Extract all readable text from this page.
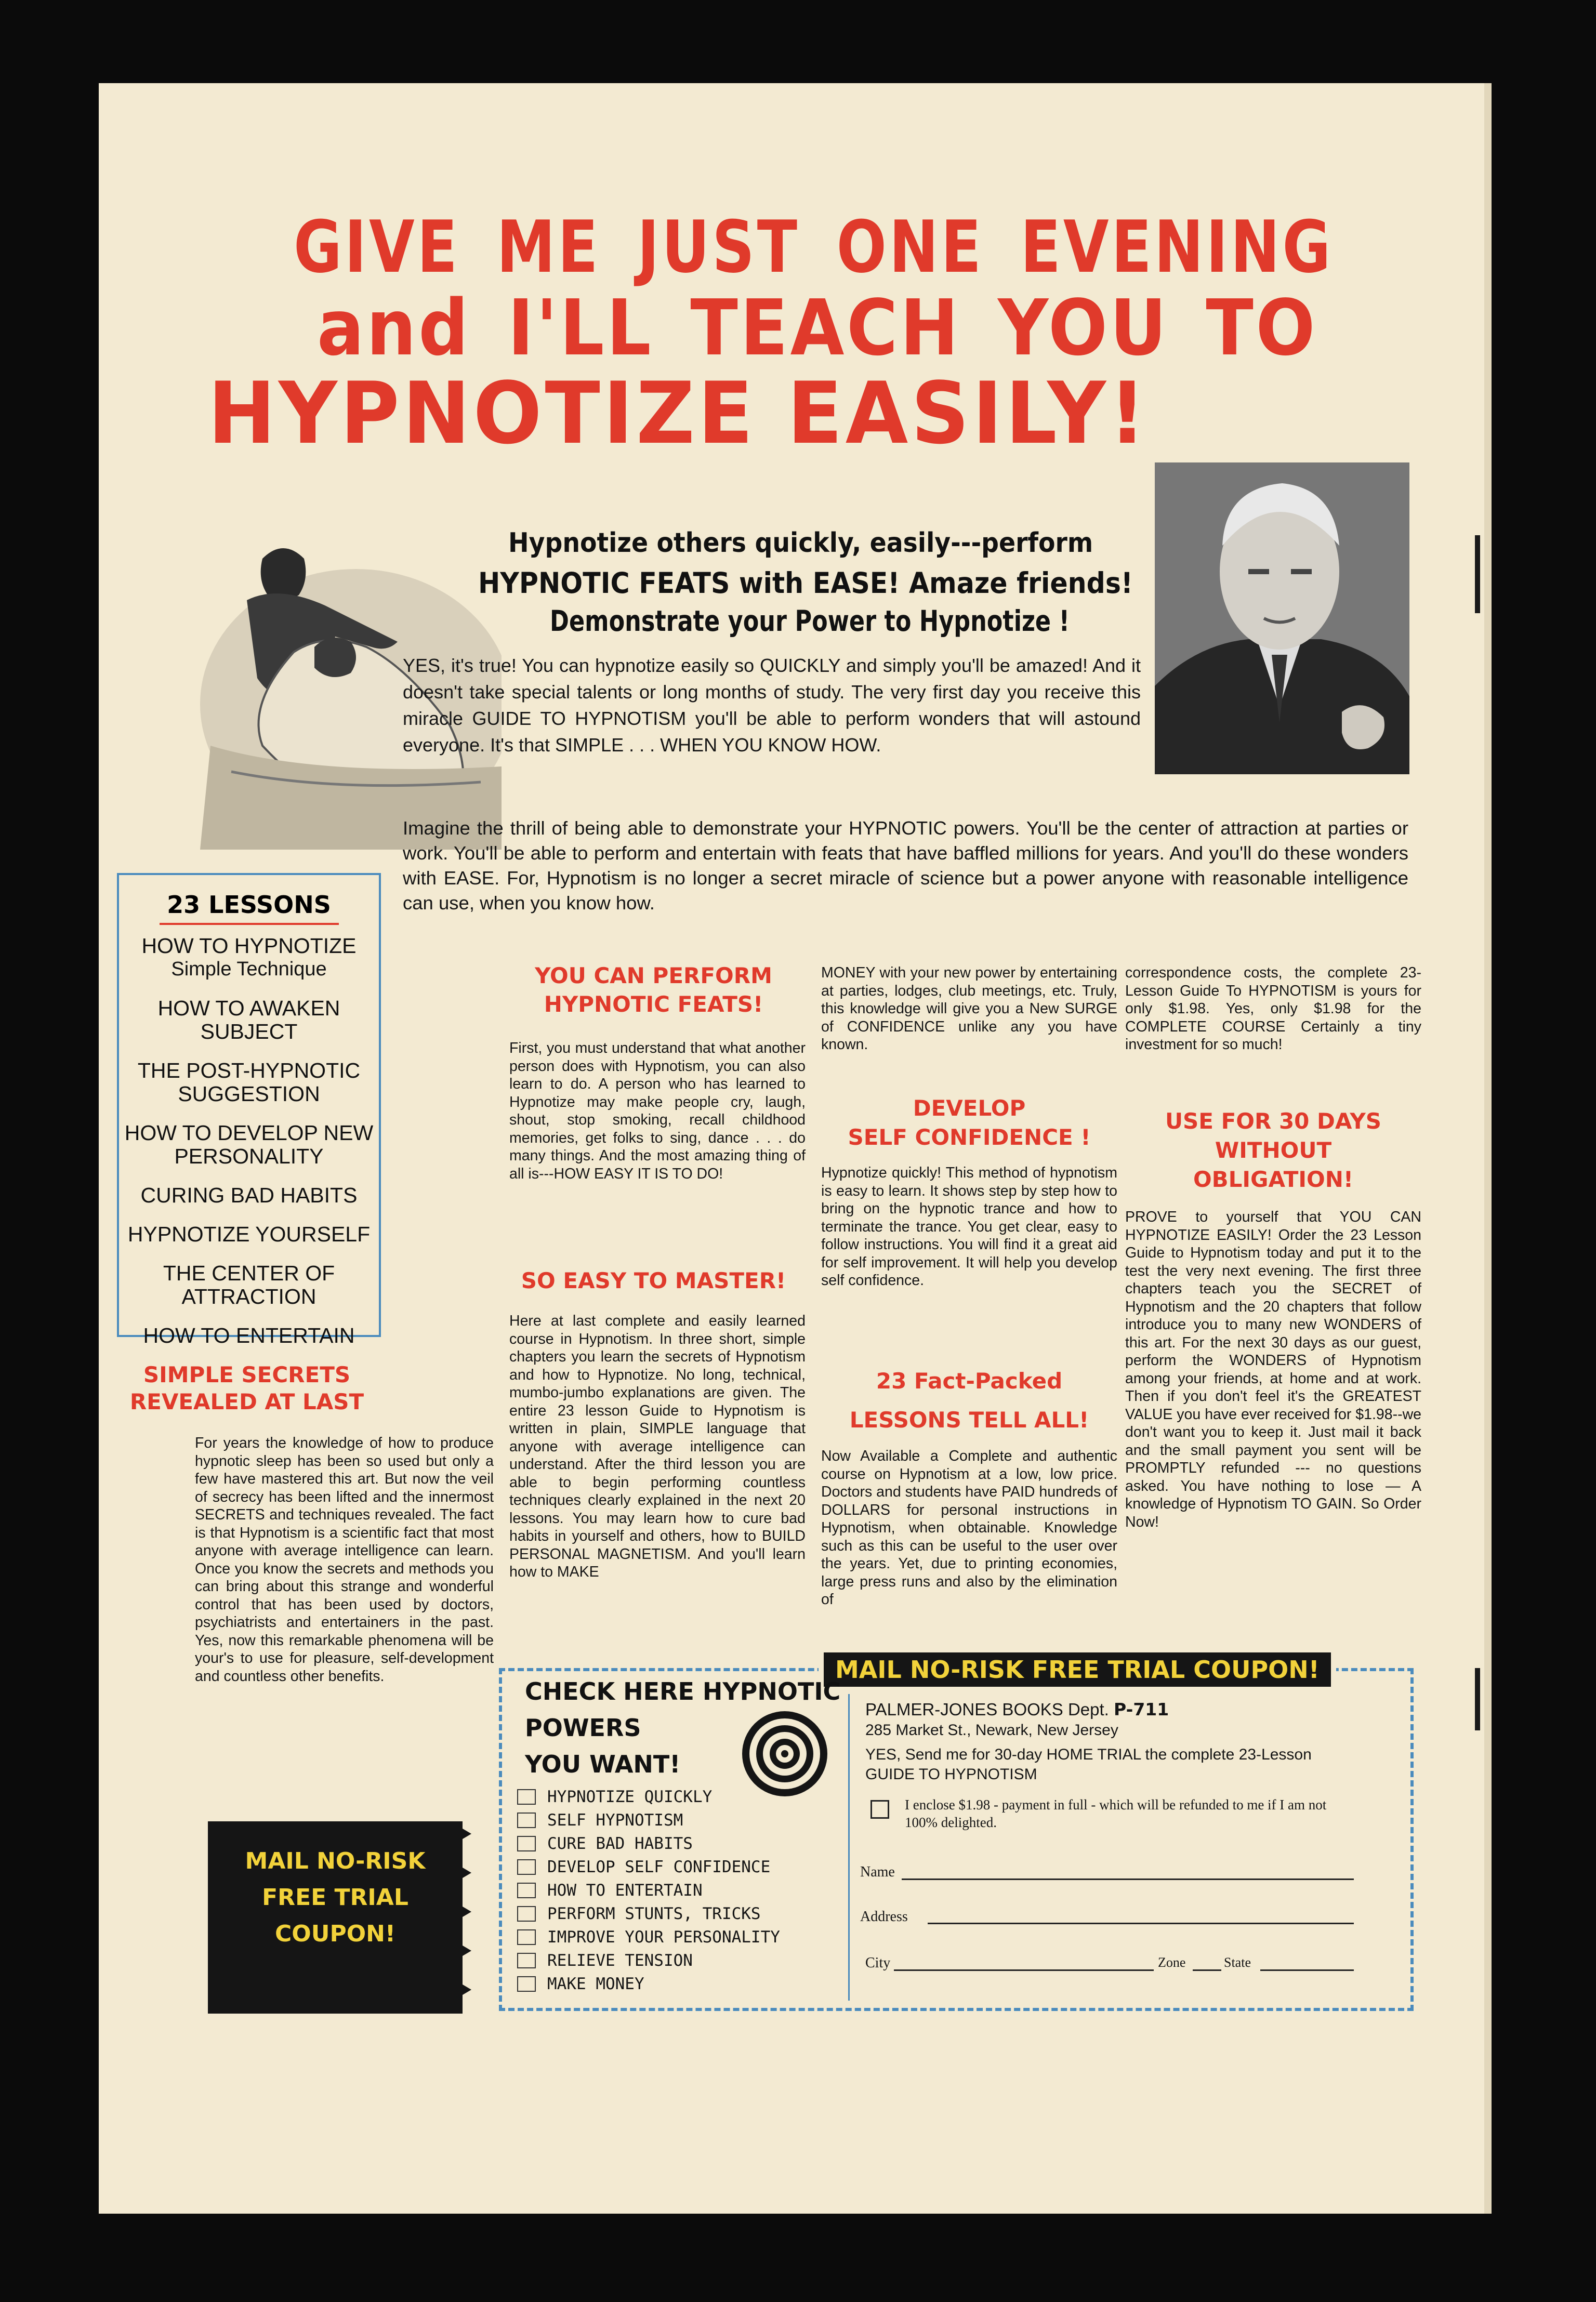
GIVE ME JUST ONE EVENING
and I'LL TEACH YOU TO
HYPNOTIZE EASILY!
Hypnotize others quickly, easily---perform
HYPNOTIC FEATS with EASE! Amaze friends!
Demonstrate your Power to Hypnotize !
YES, it's true! You can hypnotize easily so QUICKLY and simply you'll be amazed! And it doesn't take special talents or long months of study. The very first day you receive this miracle GUIDE TO HYPNOTISM you'll be able to perform wonders that will astound everyone. It's that SIMPLE . . . WHEN YOU KNOW HOW.
Imagine the thrill of being able to demonstrate your HYPNOTIC powers. You'll be the center of attraction at parties or work. You'll be able to perform and entertain with feats that have baffled millions for years. And you'll do these wonders with EASE. For, Hypnotism is no longer a secret miracle of science but a power anyone with reasonable intelligence can use, when you know how.
23 LESSONS
HOW TO HYPNOTIZE
Simple Technique
HOW TO AWAKEN SUBJECT
THE POST-HYPNOTIC SUGGESTION
HOW TO DEVELOP NEW PERSONALITY
CURING BAD HABITS
HYPNOTIZE YOURSELF
THE CENTER OF ATTRACTION
HOW TO ENTERTAIN
SIMPLE SECRETS
REVEALED AT LAST
For years the knowledge of how to produce hypnotic sleep has been so used but only a few have mastered this art. But now the veil of secrecy has been lifted and the innermost SECRETS and techniques revealed. The fact is that Hypnotism is a scientific fact that most anyone with average intelligence can learn. Once you know the secrets and methods you can bring about this strange and wonderful control that has been used by doctors, psychiatrists and entertainers in the past. Yes, now this remarkable phenomena will be your's to use for pleasure, self-development and countless other benefits.
YOU CAN PERFORM
HYPNOTIC FEATS!
First, you must understand that what another person does with Hypnotism, you can also learn to do. A person who has learned to Hypnotize may make people cry, laugh, shout, stop smoking, recall childhood memories, get folks to sing, dance . . . do many things. And the most amazing thing of all is---HOW EASY IT IS TO DO!
SO EASY TO MASTER!
Here at last complete and easily learned course in Hypnotism. In three short, simple chapters you learn the secrets of Hypnotism and how to Hypnotize. No long, technical, mumbo-jumbo explanations are given. The entire 23 lesson Guide to Hypnotism is written in plain, SIMPLE language that anyone with average intelligence can understand. After the third lesson you are able to begin performing countless techniques clearly explained in the next 20 lessons. You may learn how to cure bad habits in yourself and others, how to BUILD PERSONAL MAGNETISM. And you'll learn how to MAKE
MONEY with your new power by entertaining at parties, lodges, club meetings, etc. Truly, this knowledge will give you a New SURGE of CONFIDENCE unlike any you have known.
DEVELOP
SELF CONFIDENCE !
Hypnotize quickly! This method of hypnotism is easy to learn. It shows step by step how to bring on the hypnotic trance and how to terminate the trance. You get clear, easy to follow instructions. You will find it a great aid for self improvement. It will help you develop self confidence.
23 Fact-Packed
LESSONS TELL ALL!
Now Available a Complete and authentic course on Hypnotism at a low, low price. Doctors and students have PAID hundreds of DOLLARS for personal instructions in Hypnotism, when obtainable. Knowledge such as this can be useful to the user over the years. Yet, due to printing economies, large press runs and also by the elimination of
correspondence costs, the complete 23-Lesson Guide To HYPNOTISM is yours for only $1.98. Yes, only $1.98 for the COMPLETE COURSE Certainly a tiny investment for so much!
USE FOR 30 DAYS
WITHOUT
OBLIGATION!
PROVE to yourself that YOU CAN HYPNOTIZE EASILY! Order the 23 Lesson Guide to Hypnotism today and put it to the test the very next evening. The first three chapters teach you the SECRET of Hypnotism and the 20 chapters that follow introduce you to many new WONDERS of this art. For the next 30 days as our guest, perform the WONDERS of Hypnotism among your friends, at home and at work. Then if you don't feel it's the GREATEST VALUE you have ever received for $1.98--we don't want you to keep it. Just mail it back and the small payment you sent will be PROMPTLY refunded --- no questions asked. You have nothing to lose — A knowledge of Hypnotism TO GAIN. So Order Now!
MAIL NO-RISK
FREE TRIAL
COUPON!
MAIL NO-RISK FREE TRIAL COUPON!
CHECK HERE HYPNOTIC
POWERS
YOU WANT!
HYPNOTIZE QUICKLY
SELF HYPNOTISM
CURE BAD HABITS
DEVELOP SELF CONFIDENCE
HOW TO ENTERTAIN
PERFORM STUNTS, TRICKS
IMPROVE YOUR PERSONALITY
RELIEVE TENSION
MAKE MONEY
PALMER-JONES BOOKS Dept. P-711
285 Market St., Newark, New Jersey
YES, Send me for 30-day HOME TRIAL the complete 23-Lesson GUIDE TO HYPNOTISM
I enclose $1.98 - payment in full - which will be refunded to me if I am not 100% delighted.
Name
Address
City	Zone	State
